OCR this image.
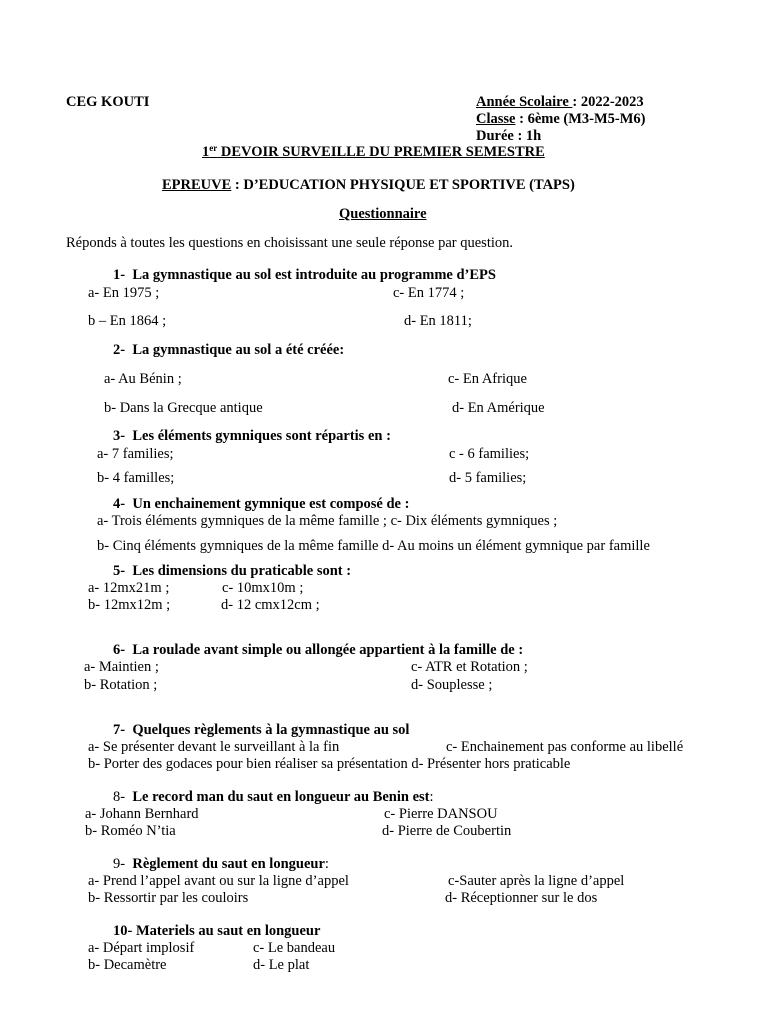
CEG KOUTI	Année Scolaire : 2022-2023
Classe : 6ème (M3-M5-M6)
Durée : 1h
1er DEVOIR SURVEILLE DU PREMIER SEMESTRE
EPREUVE : D’EDUCATION PHYSIQUE ET SPORTIVE (TAPS)
Questionnaire
Réponds à toutes les questions en choisissant une seule réponse par question.
1- La gymnastique au sol est introduite au programme d’EPS
a- En 1975 ;	c- En 1774 ;
b – En 1864 ;	d- En 1811;
2- La gymnastique au sol a été créée:
a- Au Bénin ;	c- En Afrique
b- Dans la Grecque antique	d- En Amérique
3- Les éléments gymniques sont répartis en :
a- 7 families;	c - 6 families;
b- 4 familles;	d- 5 families;
4- Un enchainement gymnique est composé de :
a- Trois éléments gymniques de la même famille ; c- Dix éléments gymniques ;
b- Cinq éléments gymniques de la même famille d- Au moins un élément gymnique par famille
5- Les dimensions du praticable sont :
a- 12mx21m ;	c- 10mx10m ;
b- 12mx12m ;	d- 12 cmx12cm ;
6- La roulade avant simple ou allongée appartient à la famille de :
a- Maintien ;	c- ATR et Rotation ;
b- Rotation ;	d- Souplesse ;
7- Quelques règlements à la gymnastique au sol
a- Se présenter devant le surveillant à la fin	c- Enchainement pas conforme au libellé
b- Porter des godaces pour bien réaliser sa présentation d- Présenter hors praticable
8- Le record man du saut en longueur au Benin est:
a- Johann Bernhard	c- Pierre DANSOU
b- Roméo N’tia	d- Pierre de Coubertin
9- Règlement du saut en longueur:
a- Prend l’appel avant ou sur la ligne d’appel	c-Sauter après la ligne d’appel
b- Ressortir par les couloirs	d- Réceptionner sur le dos
10- Materiels au saut en longueur
a- Départ implosif	c- Le bandeau
b- Decamètre	d- Le plat
